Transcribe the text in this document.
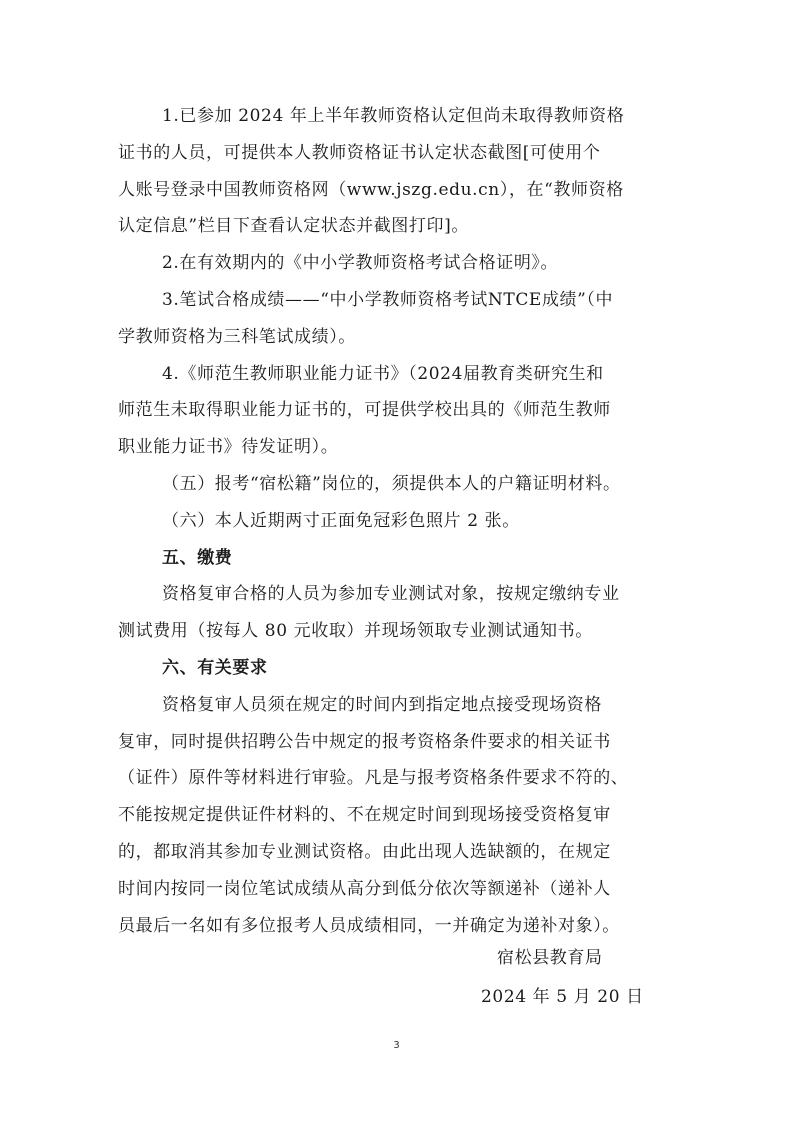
1.已参加 2024 年上半年教师资格认定但尚未取得教师资格
证书的人员，可提供本人教师资格证书认定状态截图[可使用个
人账号登录中国教师资格网（www.jszg.edu.cn），在“教师资格
认定信息”栏目下查看认定状态并截图打印]。

2.在有效期内的《中小学教师资格考试合格证明》。

3.笔试合格成绩——“中小学教师资格考试NTCE成绩”（中
学教师资格为三科笔试成绩）。

4.《师范生教师职业能力证书》（2024届教育类研究生和
师范生未取得职业能力证书的，可提供学校出具的《师范生教师
职业能力证书》待发证明）。

（五）报考“宿松籍”岗位的，须提供本人的户籍证明材料。

（六）本人近期两寸正面免冠彩色照片 2 张。

五、缴费

资格复审合格的人员为参加专业测试对象，按规定缴纳专业
测试费用（按每人 80 元收取）并现场领取专业测试通知书。

六、有关要求

资格复审人员须在规定的时间内到指定地点接受现场资格
复审，同时提供招聘公告中规定的报考资格条件要求的相关证书
（证件）原件等材料进行审验。凡是与报考资格条件要求不符的、
不能按规定提供证件材料的、不在规定时间到现场接受资格复审
的，都取消其参加专业测试资格。由此出现人选缺额的，在规定
时间内按同一岗位笔试成绩从高分到低分依次等额递补（递补人
员最后一名如有多位报考人员成绩相同，一并确定为递补对象）。

宿松县教育局
2024 年 5 月 20 日
3
